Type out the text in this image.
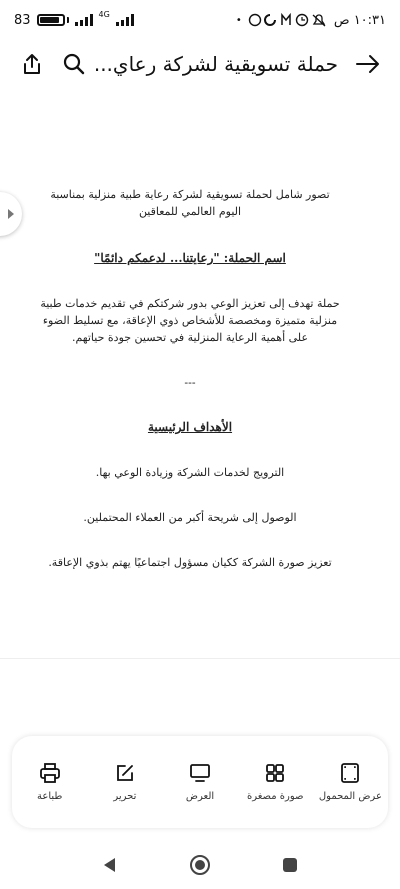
83	4G
•	١٠:٣١ ص
حملة تسويقية لشركة رعاي...

تصور شامل لحملة تسويقية لشركة رعاية طبية منزلية بمناسبة اليوم العالمي للمعاقين

اسم الحملة: "رعايتنا... لدعمكم دائمًا"

حملة تهدف إلى تعزيز الوعي بدور شركتكم في تقديم خدمات طبية منزلية متميزة ومخصصة للأشخاص ذوي الإعاقة، مع تسليط الضوء على أهمية الرعاية المنزلية في تحسين جودة حياتهم.

---

الأهداف الرئيسية

الترويج لخدمات الشركة وزيادة الوعي بها.

الوصول إلى شريحة أكبر من العملاء المحتملين.

تعزيز صورة الشركة ككيان مسؤول اجتماعيًا يهتم بذوي الإعاقة.

عرض المحمول
صورة مصغرة
العرض
تحرير
طباعة
